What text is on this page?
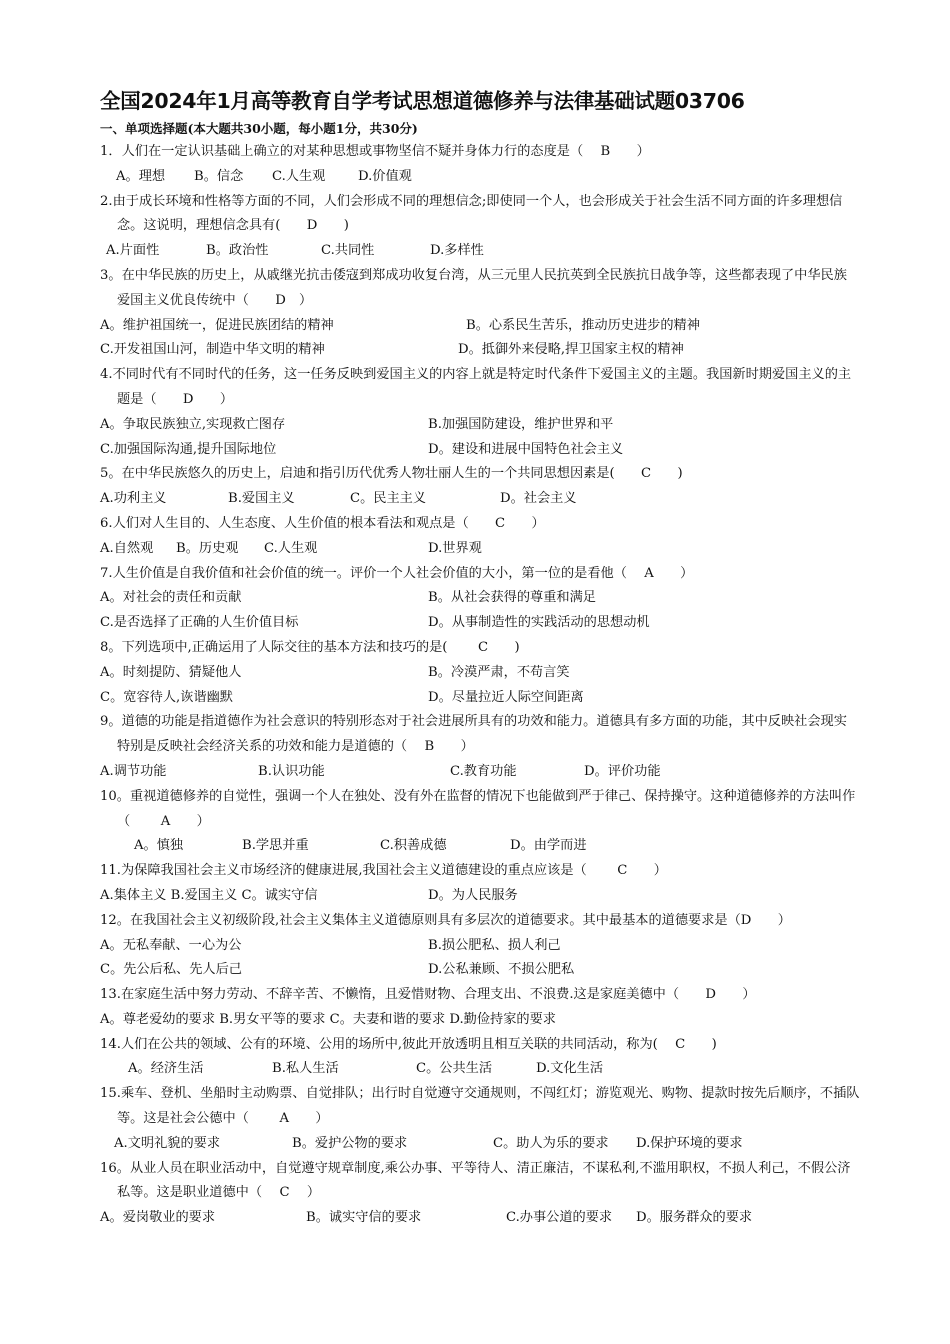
全国2024年1月高等教育自学考试思想道德修养与法律基础试题03706
一、单项选择题(本大题共30小题，每小题1分，共30分)
1．人们在一定认识基础上确立的对某种思想或事物坚信不疑并身体力行的态度是（　 B　　）
A。理想 B。信念 C.人生观 D.价值观
2.由于成长环境和性格等方面的不同，人们会形成不同的理想信念;即使同一个人，也会形成关于社会生活不同方面的许多理想信念。这说明，理想信念具有(　　D　　)
A.片面性	B。政治性	C.共同性	D.多样性
3。在中华民族的历史上，从戚继光抗击倭寇到郑成功收复台湾，从三元里人民抗英到全民族抗日战争等，这些都表现了中华民族爱国主义优良传统中（　　D　）
A。维护祖国统一，促进民族团结的精神	B。心系民生苦乐，推动历史进步的精神
C.开发祖国山河，制造中华文明的精神	D。抵御外来侵略,捍卫国家主权的精神
4.不同时代有不同时代的任务，这一任务反映到爱国主义的内容上就是特定时代条件下爱国主义的主题。我国新时期爱国主义的主题是（　　D　　）
A。争取民族独立,实现救亡图存	B.加强国防建设，维护世界和平
C.加强国际沟通,提升国际地位	D。建设和进展中国特色社会主义
5。在中华民族悠久的历史上，启迪和指引历代优秀人物壮丽人生的一个共同思想因素是(　　C　　)
A.功利主义	B.爱国主义	C。民主主义	D。社会主义
6.人们对人生目的、人生态度、人生价值的根本看法和观点是（　　C　　）
A.自然观 B。历史观 C.人生观	D.世界观
7.人生价值是自我价值和社会价值的统一。评价一个人社会价值的大小，第一位的是看他（　 A　　）
A。对社会的责任和贡献	B。从社会获得的尊重和满足
C.是否选择了正确的人生价值目标	D。从事制造性的实践活动的思想动机
8。下列选项中,正确运用了人际交往的基本方法和技巧的是(　　 C　　)
A。时刻提防、猜疑他人	B。冷漠严肃，不苟言笑
C。宽容待人,诙谐幽默	D。尽量拉近人际空间距离
9。道德的功能是指道德作为社会意识的特别形态对于社会进展所具有的功效和能力。道德具有多方面的功能，其中反映社会现实特别是反映社会经济关系的功效和能力是道德的（　 B　　）
A.调节功能	B.认识功能	C.教育功能	D。评价功能
10。重视道德修养的自觉性，强调一个人在独处、没有外在监督的情况下也能做到严于律己、保持操守。这种道德修养的方法叫作（　　 A　　）
A。慎独	B.学思并重	C.积善成德	D。由学而进
11.为保障我国社会主义市场经济的健康进展,我国社会主义道德建设的重点应该是（　　 C　　）
A.集体主义 B.爱国主义 C。诚实守信	D。为人民服务
12。在我国社会主义初级阶段,社会主义集体主义道德原则具有多层次的道德要求。其中最基本的道德要求是（D　　）
A。无私奉献、一心为公	B.损公肥私、损人利己
C。先公后私、先人后己	D.公私兼顾、不损公肥私
13.在家庭生活中努力劳动、不辞辛苦、不懒惰，且爱惜财物、合理支出、不浪费.这是家庭美德中（　　D　　）
A。尊老爱幼的要求 B.男女平等的要求 C。夫妻和谐的要求 D.勤俭持家的要求
14.人们在公共的领域、公有的环境、公用的场所中,彼此开放透明且相互关联的共同活动，称为(　 C　　)
A。经济生活	B.私人生活	C。公共生活	D.文化生活
15.乘车、登机、坐船时主动购票、自觉排队；出行时自觉遵守交通规则，不闯红灯；游览观光、购物、提款时按先后顺序，不插队等。这是社会公德中（　　 A　　）
A.文明礼貌的要求	B。爱护公物的要求	C。助人为乐的要求 D.保护环境的要求
16。从业人员在职业活动中，自觉遵守规章制度,乘公办事、平等待人、清正廉洁，不谋私利,不滥用职权，不损人利己，不假公济私等。这是职业道德中（　 C　 ）
A。爱岗敬业的要求	B。诚实守信的要求	C.办事公道的要求 D。服务群众的要求
